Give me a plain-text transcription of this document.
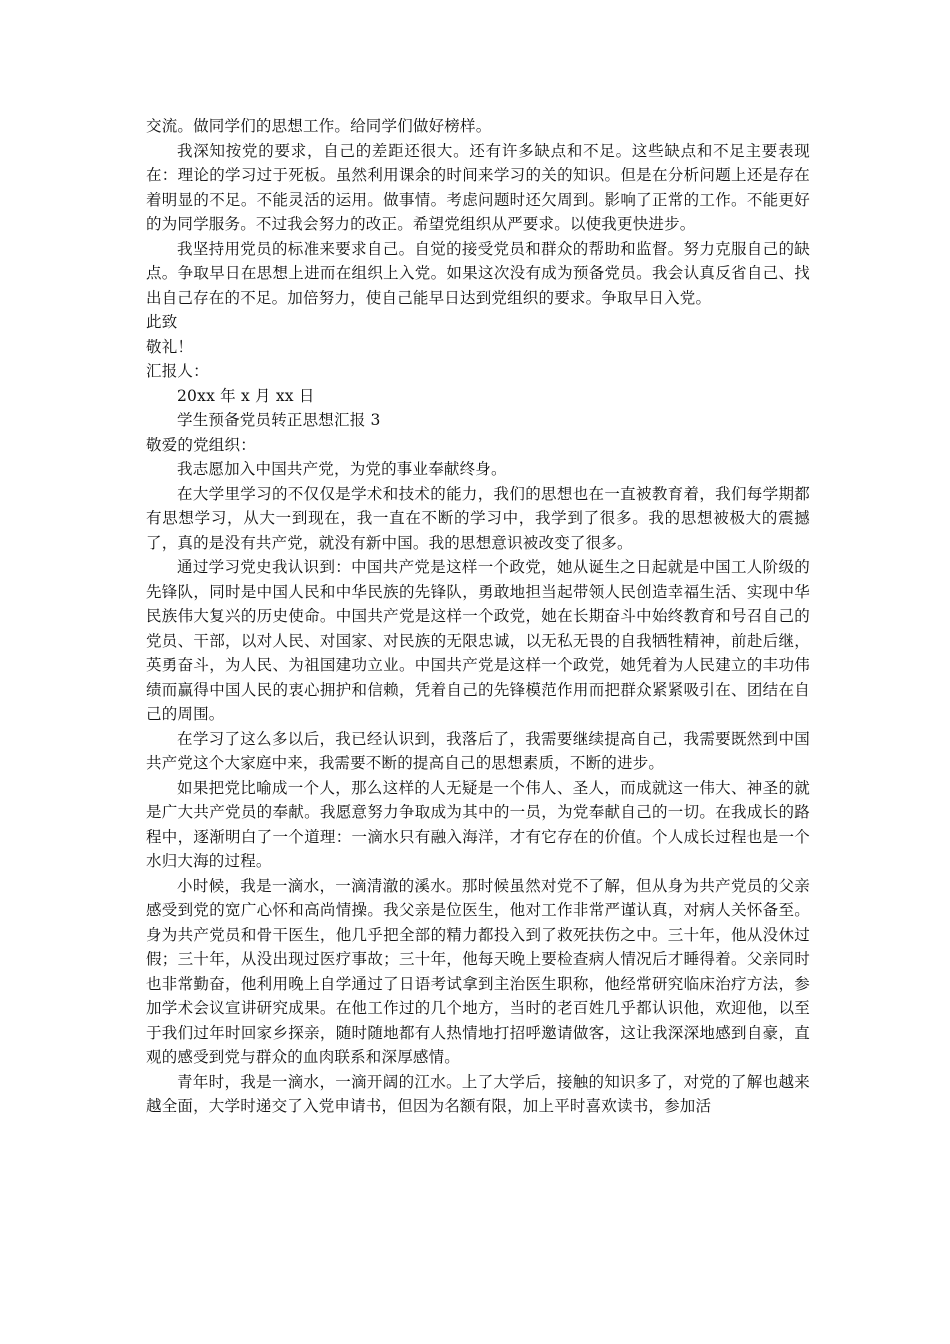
交流。做同学们的思想工作。给同学们做好榜样。

我深知按党的要求，自己的差距还很大。还有许多缺点和不足。这些缺点和不足主要表现在：理论的学习过于死板。虽然利用课余的时间来学习的关的知识。但是在分析问题上还是存在着明显的不足。不能灵活的运用。做事情。考虑问题时还欠周到。影响了正常的工作。不能更好的为同学服务。不过我会努力的改正。希望党组织从严要求。以使我更快进步。

我坚持用党员的标准来要求自己。自觉的接受党员和群众的帮助和监督。努力克服自己的缺点。争取早日在思想上进而在组织上入党。如果这次没有成为预备党员。我会认真反省自己、找出自己存在的不足。加倍努力，使自己能早日达到党组织的要求。争取早日入党。

此致

敬礼！

汇报人：

20xx 年 x 月 xx 日

学生预备党员转正思想汇报 3

敬爱的党组织：

我志愿加入中国共产党，为党的事业奉献终身。

在大学里学习的不仅仅是学术和技术的能力，我们的思想也在一直被教育着，我们每学期都有思想学习，从大一到现在，我一直在不断的学习中，我学到了很多。我的思想被极大的震撼了，真的是没有共产党，就没有新中国。我的思想意识被改变了很多。

通过学习党史我认识到：中国共产党是这样一个政党，她从诞生之日起就是中国工人阶级的先锋队，同时是中国人民和中华民族的先锋队，勇敢地担当起带领人民创造幸福生活、实现中华民族伟大复兴的历史使命。中国共产党是这样一个政党，她在长期奋斗中始终教育和号召自己的党员、干部，以对人民、对国家、对民族的无限忠诚，以无私无畏的自我牺牲精神，前赴后继，英勇奋斗，为人民、为祖国建功立业。中国共产党是这样一个政党，她凭着为人民建立的丰功伟绩而赢得中国人民的衷心拥护和信赖，凭着自己的先锋模范作用而把群众紧紧吸引在、团结在自己的周围。

在学习了这么多以后，我已经认识到，我落后了，我需要继续提高自己，我需要既然到中国共产党这个大家庭中来，我需要不断的提高自己的思想素质，不断的进步。

如果把党比喻成一个人，那么这样的人无疑是一个伟人、圣人，而成就这一伟大、神圣的就是广大共产党员的奉献。我愿意努力争取成为其中的一员，为党奉献自己的一切。在我成长的路程中，逐渐明白了一个道理：一滴水只有融入海洋，才有它存在的价值。个人成长过程也是一个水归大海的过程。

小时候，我是一滴水，一滴清澈的溪水。那时候虽然对党不了解，但从身为共产党员的父亲感受到党的宽广心怀和高尚情操。我父亲是位医生，他对工作非常严谨认真，对病人关怀备至。身为共产党员和骨干医生，他几乎把全部的精力都投入到了救死扶伤之中。三十年，他从没休过假；三十年，从没出现过医疗事故；三十年，他每天晚上要检查病人情况后才睡得着。父亲同时也非常勤奋，他利用晚上自学通过了日语考试拿到主治医生职称，他经常研究临床治疗方法，参加学术会议宣讲研究成果。在他工作过的几个地方，当时的老百姓几乎都认识他，欢迎他，以至于我们过年时回家乡探亲，随时随地都有人热情地打招呼邀请做客，这让我深深地感到自豪，直观的感受到党与群众的血肉联系和深厚感情。

青年时，我是一滴水，一滴开阔的江水。上了大学后，接触的知识多了，对党的了解也越来越全面，大学时递交了入党申请书，但因为名额有限，加上平时喜欢读书，参加活
